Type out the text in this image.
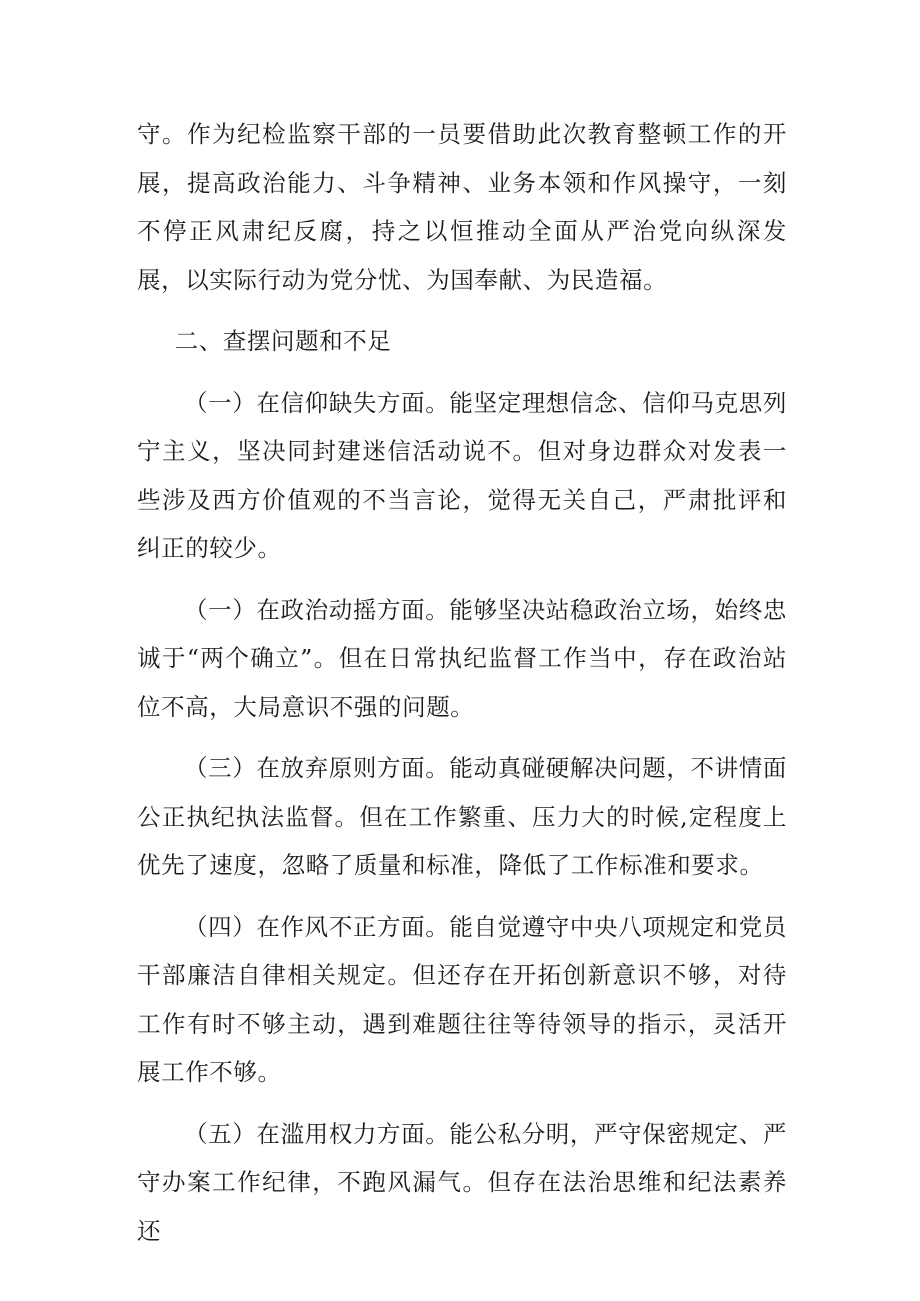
守。作为纪检监察干部的一员要借助此次教育整顿工作的开展，提高政治能力、斗争精神、业务本领和作风操守，一刻不停正风肃纪反腐，持之以恒推动全面从严治党向纵深发展，以实际行动为党分忧、为国奉献、为民造福。

二、查摆问题和不足

（一）在信仰缺失方面。能坚定理想信念、信仰马克思列宁主义，坚决同封建迷信活动说不。但对身边群众对发表一些涉及西方价值观的不当言论，觉得无关自己，严肃批评和纠正的较少。

（一）在政治动摇方面。能够坚决站稳政治立场，始终忠诚于“两个确立”。但在日常执纪监督工作当中，存在政治站位不高，大局意识不强的问题。

（三）在放弃原则方面。能动真碰硬解决问题，不讲情面公正执纪执法监督。但在工作繁重、压力大的时候,定程度上优先了速度，忽略了质量和标准，降低了工作标准和要求。

（四）在作风不正方面。能自觉遵守中央八项规定和党员干部廉洁自律相关规定。但还存在开拓创新意识不够，对待工作有时不够主动，遇到难题往往等待领导的指示，灵活开展工作不够。

（五）在滥用权力方面。能公私分明，严守保密规定、严守办案工作纪律，不跑风漏气。但存在法治思维和纪法素养还
